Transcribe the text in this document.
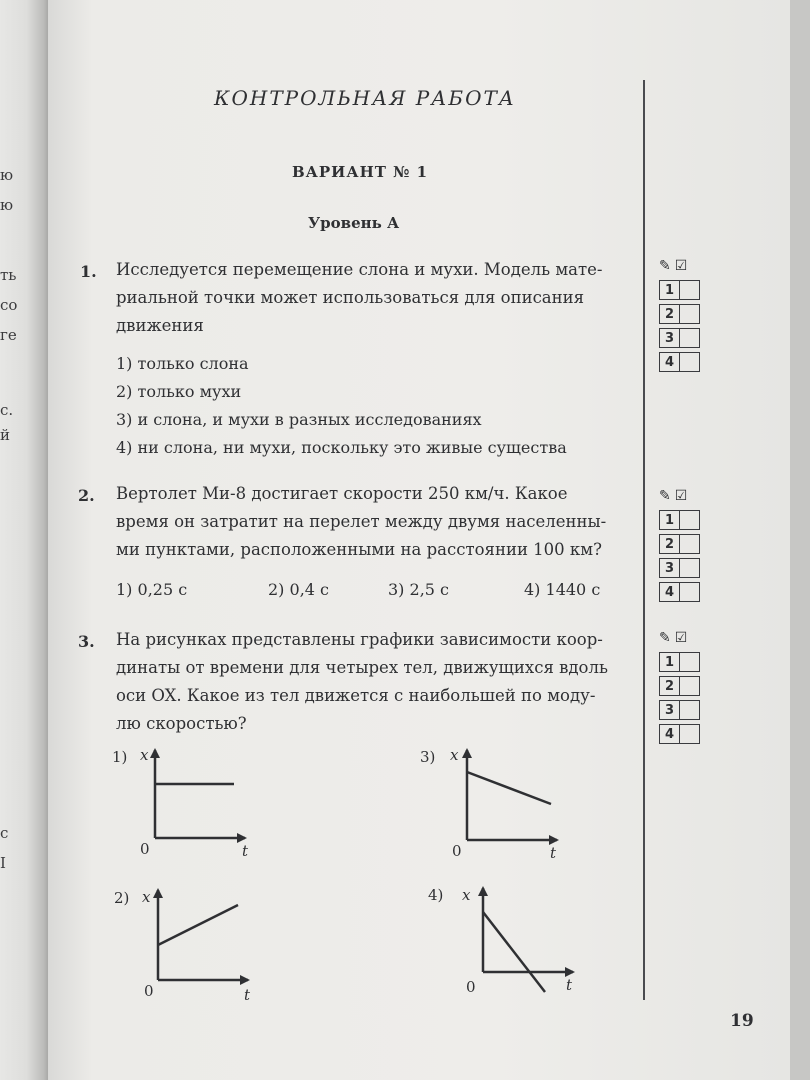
ю
ю
ть
со
ге
с.
й
с
I
КОНТРОЛЬНАЯ РАБОТА
ВАРИАНТ № 1
Уровень А
1. Исследуется перемещение слона и мухи. Модель мате-
риальной точки может использоваться для описания
движения
1) только слона
2) только мухи
3) и слона, и мухи в разных исследованиях
4) ни слона, ни мухи, поскольку это живые существа
2. Вертолет Ми-8 достигает скорости 250 км/ч. Какое
время он затратит на перелет между двумя населенны-
ми пунктами, расположенными на расстоянии 100 км?
1) 0,25 с	2) 0,4 с	3) 2,5 с	4) 1440 с
3. На рисунках представлены графики зависимости коор-
динаты от времени для четырех тел, движущихся вдоль
оси OX. Какое из тел движется с наибольшей по моду-
лю скоростью?
✎ ☑
1
2
3
4
✎ ☑
1
2
3
4
✎ ☑
1
2
3
4
1) x
0	t
2) x
0	t
3) x
0	t
4) x
0	t
19
